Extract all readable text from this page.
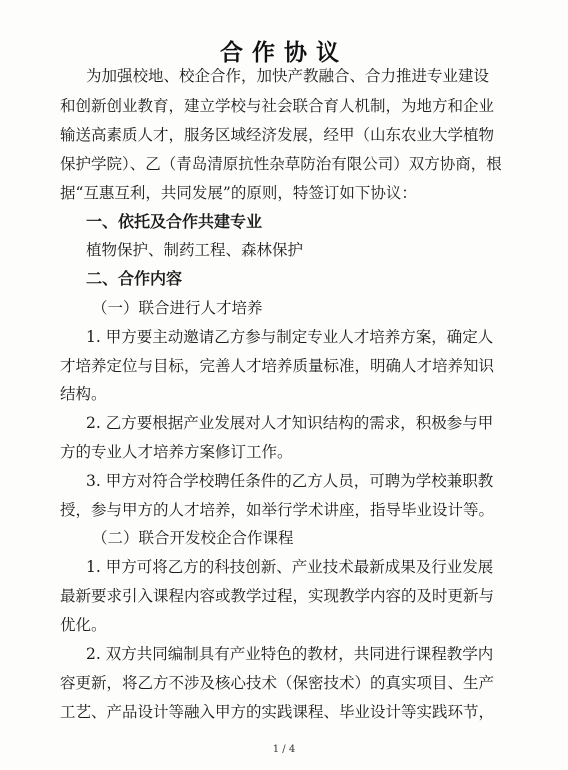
合作协议
为加强校地、校企合作，加快产教融合、合力推进专业建设
和创新创业教育，建立学校与社会联合育人机制，为地方和企业
输送高素质人才，服务区域经济发展，经甲（山东农业大学植物
保护学院）、乙（青岛清原抗性杂草防治有限公司）双方协商，根
据“互惠互利，共同发展”的原则，特签订如下协议：
一、依托及合作共建专业
植物保护、制药工程、森林保护
二、合作内容
（一）联合进行人才培养
1. 甲方要主动邀请乙方参与制定专业人才培养方案，确定人
才培养定位与目标，完善人才培养质量标准，明确人才培养知识
结构。
2. 乙方要根据产业发展对人才知识结构的需求，积极参与甲
方的专业人才培养方案修订工作。
3. 甲方对符合学校聘任条件的乙方人员，可聘为学校兼职教
授，参与甲方的人才培养，如举行学术讲座，指导毕业设计等。
（二）联合开发校企合作课程
1. 甲方可将乙方的科技创新、产业技术最新成果及行业发展
最新要求引入课程内容或教学过程，实现教学内容的及时更新与
优化。
2. 双方共同编制具有产业特色的教材，共同进行课程教学内
容更新，将乙方不涉及核心技术（保密技术）的真实项目、生产
工艺、产品设计等融入甲方的实践课程、毕业设计等实践环节，
1 / 4
